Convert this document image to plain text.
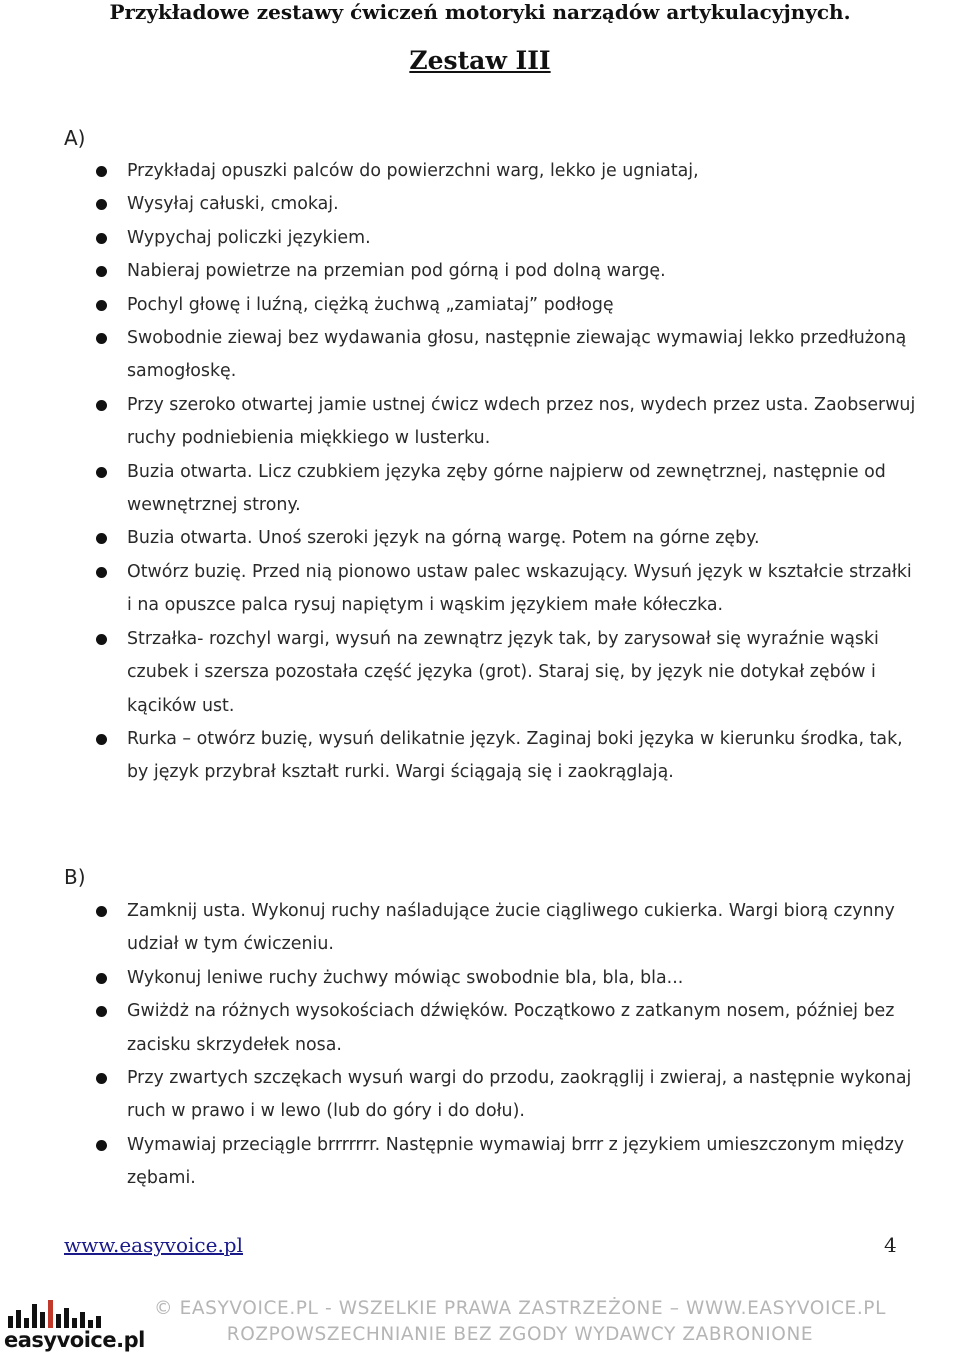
Przykładowe zestawy ćwiczeń motoryki narządów artykulacyjnych.
Zestaw III
A)
Przykładaj opuszki palców do powierzchni warg, lekko je ugniataj,
Wysyłaj całuski, cmokaj.
Wypychaj policzki językiem.
Nabieraj powietrze na przemian pod górną i pod dolną wargę.
Pochyl głowę i luźną, ciężką żuchwą „zamiataj” podłogę
Swobodnie ziewaj bez wydawania głosu, następnie ziewając wymawiaj lekko przedłużoną samogłoskę.
Przy szeroko otwartej jamie ustnej ćwicz wdech przez nos, wydech przez usta. Zaobserwuj ruchy podniebienia miękkiego w lusterku.
Buzia otwarta. Licz czubkiem języka zęby górne najpierw od zewnętrznej, następnie od wewnętrznej strony.
Buzia otwarta. Unoś szeroki język na górną wargę. Potem na górne zęby.
Otwórz buzię. Przed nią pionowo ustaw palec wskazujący. Wysuń język w kształcie strzałki i na opuszce palca rysuj napiętym i wąskim językiem małe kółeczka.
Strzałka- rozchyl wargi, wysuń na zewnątrz język tak, by zarysował się wyraźnie wąski czubek i szersza pozostała część języka (grot). Staraj się, by język nie dotykał zębów i kącików ust.
Rurka – otwórz buzię, wysuń delikatnie język. Zaginaj boki języka w kierunku środka, tak, by język przybrał kształt rurki. Wargi ściągają się i zaokrąglają.
B)
Zamknij usta. Wykonuj ruchy naśladujące żucie ciągliwego cukierka. Wargi biorą czynny udział w tym ćwiczeniu.
Wykonuj leniwe ruchy żuchwy mówiąc swobodnie bla, bla, bla...
Gwiżdż na różnych wysokościach dźwięków. Początkowo z zatkanym nosem, później bez zacisku skrzydełek nosa.
Przy zwartych szczękach wysuń wargi do przodu, zaokrąglij i zwieraj, a następnie wykonaj ruch w prawo i w lewo (lub do góry i do dołu).
Wymawiaj przeciągle brrrrrrr. Następnie wymawiaj brrr z językiem umieszczonym między zębami.
www.easyvoice.pl	4
easyvoice.pl
© EASYVOICE.PL - WSZELKIE PRAWA ZASTRZEŻONE – WWW.EASYVOICE.PL
ROZPOWSZECHNIANIE BEZ ZGODY WYDAWCY ZABRONIONE
